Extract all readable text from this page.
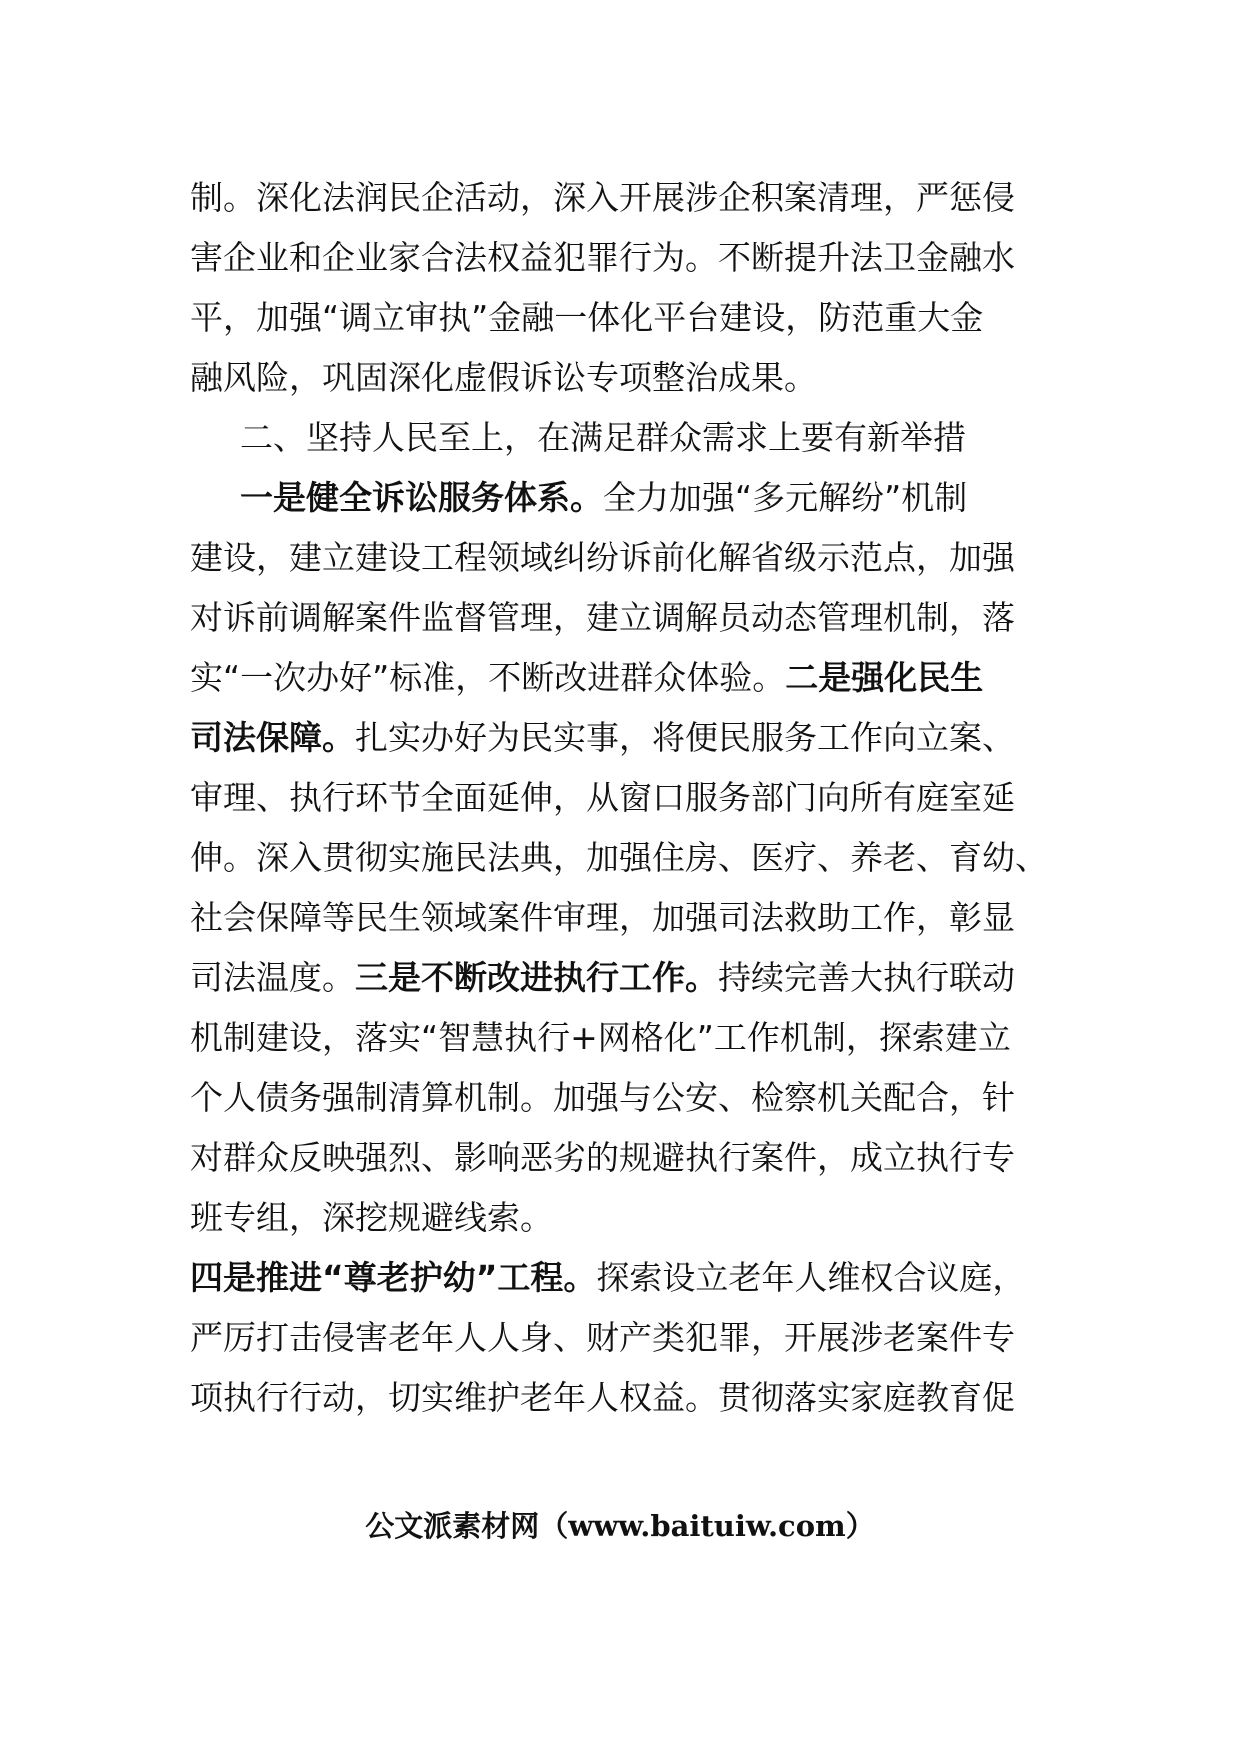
制。深化法润民企活动，深入开展涉企积案清理，严惩侵
害企业和企业家合法权益犯罪行为。不断提升法卫金融水
平，加强“调立审执”金融一体化平台建设，防范重大金
融风险，巩固深化虚假诉讼专项整治成果。
二、坚持人民至上，在满足群众需求上要有新举措
一是健全诉讼服务体系。全力加强“多元解纷”机制
建设，建立建设工程领域纠纷诉前化解省级示范点，加强
对诉前调解案件监督管理，建立调解员动态管理机制，落
实“一次办好”标准，不断改进群众体验。二是强化民生
司法保障。扎实办好为民实事，将便民服务工作向立案、
审理、执行环节全面延伸，从窗口服务部门向所有庭室延
伸。深入贯彻实施民法典，加强住房、医疗、养老、育幼、
社会保障等民生领域案件审理，加强司法救助工作，彰显
司法温度。三是不断改进执行工作。持续完善大执行联动
机制建设，落实“智慧执行+网格化”工作机制，探索建立
个人债务强制清算机制。加强与公安、检察机关配合，针
对群众反映强烈、影响恶劣的规避执行案件，成立执行专
班专组，深挖规避线索。
四是推进“尊老护幼”工程。探索设立老年人维权合议庭，
严厉打击侵害老年人人身、财产类犯罪，开展涉老案件专
项执行行动，切实维护老年人权益。贯彻落实家庭教育促
公文派素材网（www.baituiw.com）
